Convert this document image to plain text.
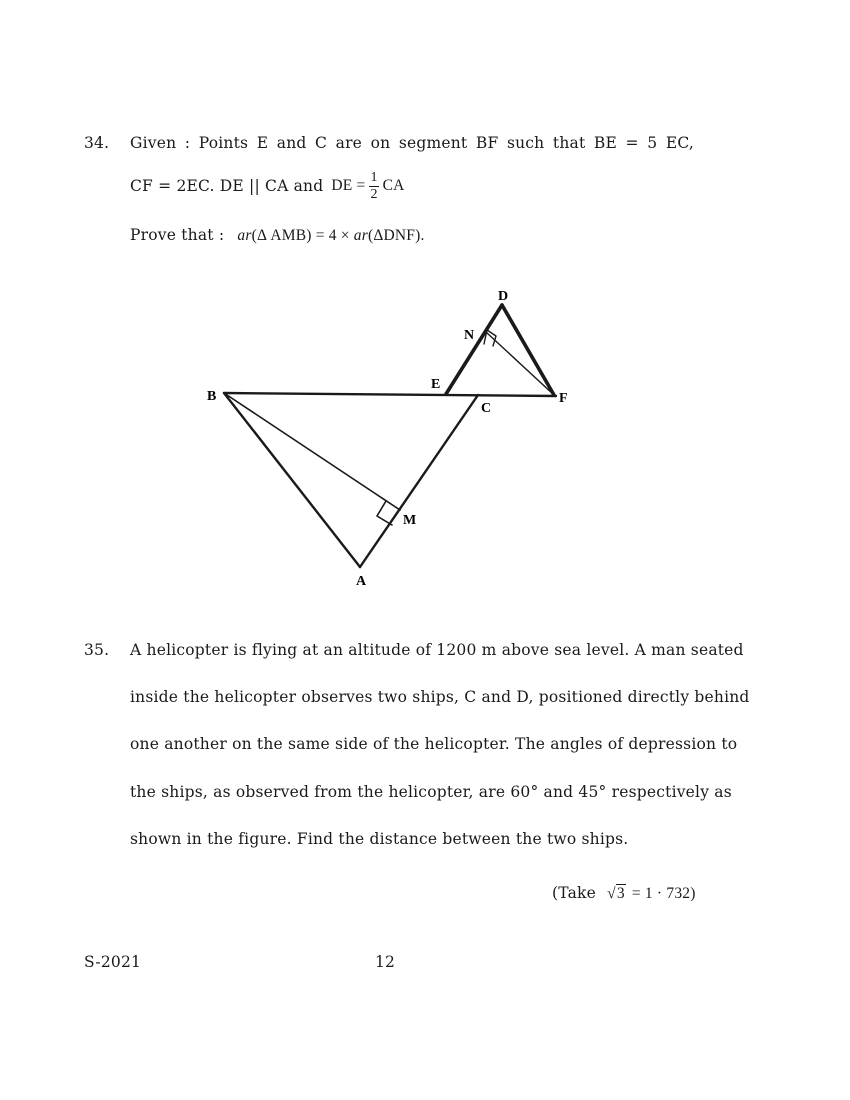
34. Given : Points E and C are on segment BF such that BE = 5 EC,
CF = 2EC. DE || CA and DE = $\frac{1}{2}$ CA
Prove that : ar(Δ AMB) = 4 × ar(ΔDNF).
D
N
E
B
C
F
M
A
35. A helicopter is flying at an altitude of 1200 m above sea level. A man seated
inside the helicopter observes two ships, C and D, positioned directly behind
one another on the same side of the helicopter. The angles of depression to
the ships, as observed from the helicopter, are 60° and 45° respectively as
shown in the figure. Find the distance between the two ships.
(Take √3 = 1 · 732)
S-2021	12
